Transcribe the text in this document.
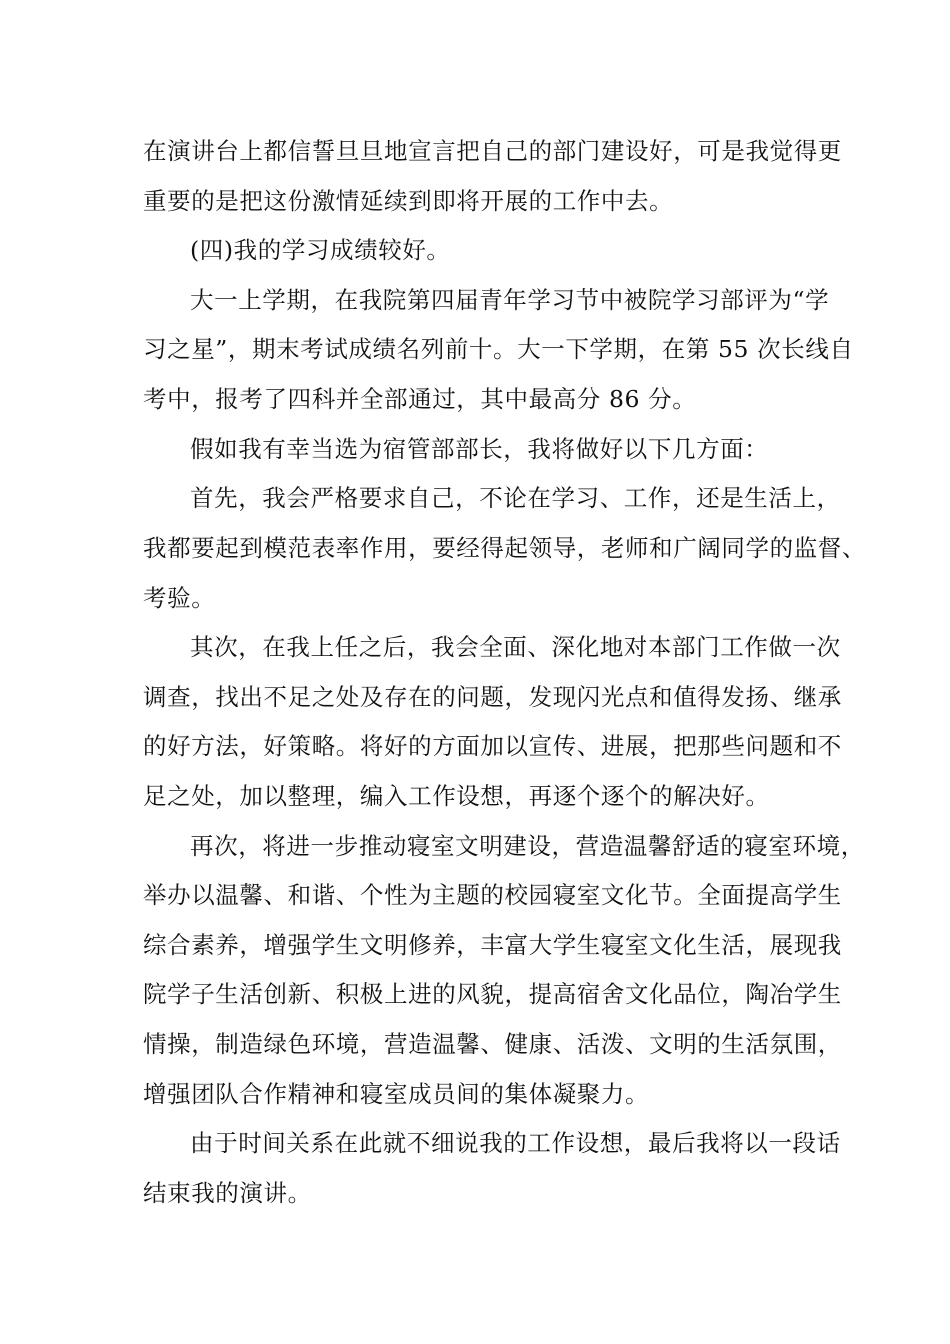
在演讲台上都信誓旦旦地宣言把自己的部门建设好，可是我觉得更
重要的是把这份激情延续到即将开展的工作中去。
(四)我的学习成绩较好。
大一上学期，在我院第四届青年学习节中被院学习部评为“学
习之星”，期末考试成绩名列前十。大一下学期，在第 55 次长线自
考中，报考了四科并全部通过，其中最高分 86 分。
假如我有幸当选为宿管部部长，我将做好以下几方面：
首先，我会严格要求自己，不论在学习、工作，还是生活上，
我都要起到模范表率作用，要经得起领导，老师和广阔同学的监督、
考验。
其次，在我上任之后，我会全面、深化地对本部门工作做一次
调查，找出不足之处及存在的问题，发现闪光点和值得发扬、继承
的好方法，好策略。将好的方面加以宣传、进展，把那些问题和不
足之处，加以整理，编入工作设想，再逐个逐个的解决好。
再次，将进一步推动寝室文明建设，营造温馨舒适的寝室环境，
举办以温馨、和谐、个性为主题的校园寝室文化节。全面提高学生
综合素养，增强学生文明修养，丰富大学生寝室文化生活，展现我
院学子生活创新、积极上进的风貌，提高宿舍文化品位，陶冶学生
情操，制造绿色环境，营造温馨、健康、活泼、文明的生活氛围，
增强团队合作精神和寝室成员间的集体凝聚力。
由于时间关系在此就不细说我的工作设想，最后我将以一段话
结束我的演讲。
